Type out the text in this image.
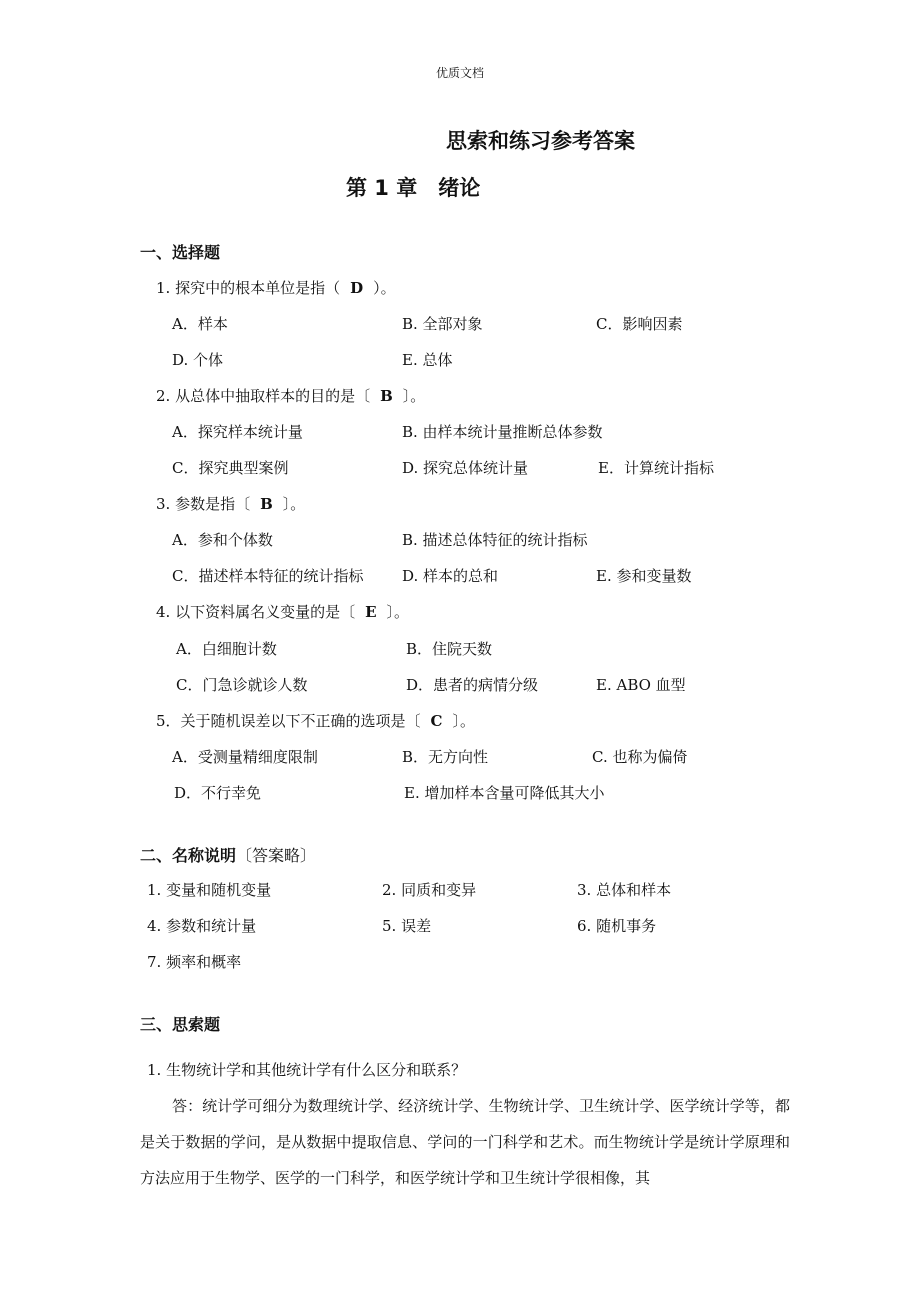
优质文档
思索和练习参考答案
第 1 章　绪论
一、选择题
1. 探究中的根本单位是指（ D ）。
A．样本	B. 全部对象	C．影响因素
D. 个体	E. 总体
2. 从总体中抽取样本的目的是〔 B 〕。
A．探究样本统计量	B. 由样本统计量推断总体参数
C．探究典型案例	D. 探究总体统计量	E．计算统计指标
3. 参数是指〔 B 〕。
A．参和个体数	B. 描述总体特征的统计指标
C．描述样本特征的统计指标	D. 样本的总和	E. 参和变量数
4. 以下资料属名义变量的是〔 E 〕。
A．白细胞计数	B．住院天数
C．门急诊就诊人数	D．患者的病情分级	E. ABO 血型
5．关于随机误差以下不正确的选项是〔 C 〕。
A．受测量精细度限制	B．无方向性	C. 也称为偏倚
D．不行幸免	E. 增加样本含量可降低其大小
二、名称说明〔答案略〕
1. 变量和随机变量	2. 同质和变异	3. 总体和样本
4. 参数和统计量	5. 误差	6. 随机事务
7. 频率和概率
三、思索题
1. 生物统计学和其他统计学有什么区分和联系？
答：统计学可细分为数理统计学、经济统计学、生物统计学、卫生统计学、医学统计学等，都是关于数据的学问，是从数据中提取信息、学问的一门科学和艺术。而生物统计学是统计学原理和方法应用于生物学、医学的一门科学，和医学统计学和卫生统计学很相像，其
